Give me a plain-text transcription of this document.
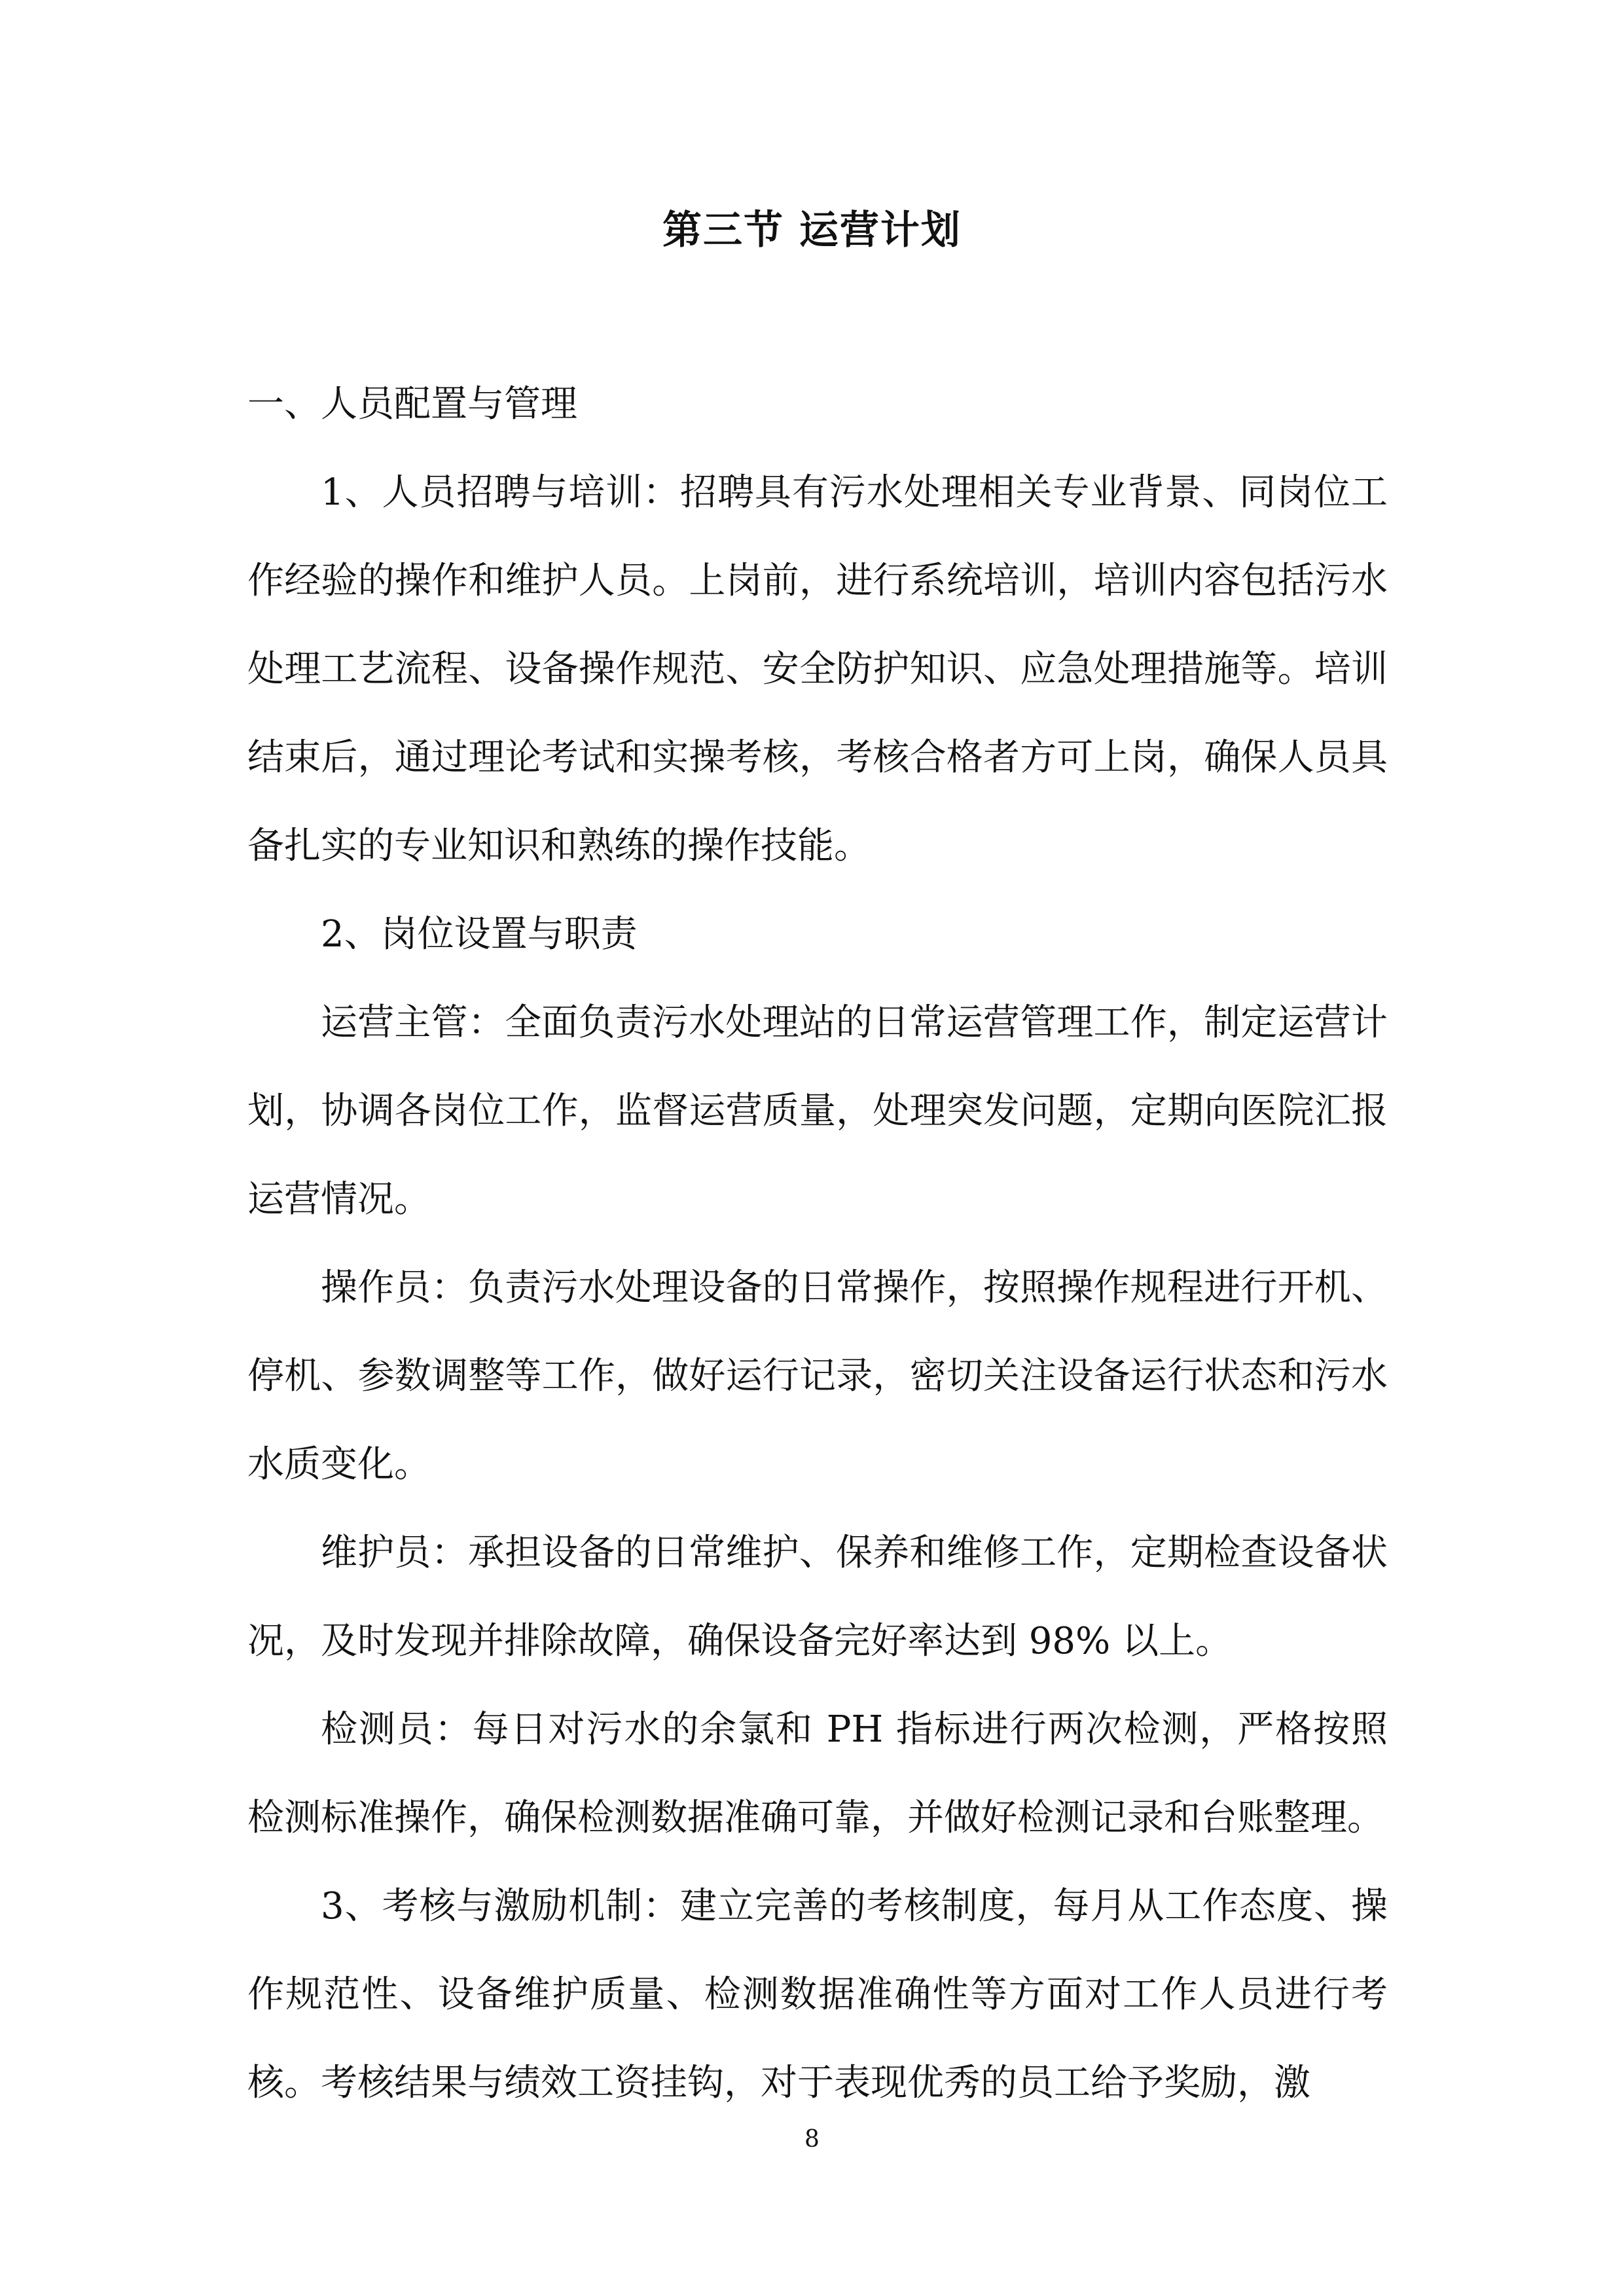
第三节 运营计划

一、人员配置与管理

1、人员招聘与培训：招聘具有污水处理相关专业背景、同岗位工作经验的操作和维护人员。上岗前，进行系统培训，培训内容包括污水处理工艺流程、设备操作规范、安全防护知识、应急处理措施等。培训结束后，通过理论考试和实操考核，考核合格者方可上岗，确保人员具备扎实的专业知识和熟练的操作技能。

2、岗位设置与职责

运营主管：全面负责污水处理站的日常运营管理工作，制定运营计划，协调各岗位工作，监督运营质量，处理突发问题，定期向医院汇报运营情况。

操作员：负责污水处理设备的日常操作，按照操作规程进行开机、停机、参数调整等工作，做好运行记录，密切关注设备运行状态和污水水质变化。

维护员：承担设备的日常维护、保养和维修工作，定期检查设备状况，及时发现并排除故障，确保设备完好率达到 98% 以上。

检测员：每日对污水的余氯和 PH 指标进行两次检测，严格按照检测标准操作，确保检测数据准确可靠，并做好检测记录和台账整理。

3、考核与激励机制：建立完善的考核制度，每月从工作态度、操作规范性、设备维护质量、检测数据准确性等方面对工作人员进行考核。考核结果与绩效工资挂钩，对于表现优秀的员工给予奖励，激

8
